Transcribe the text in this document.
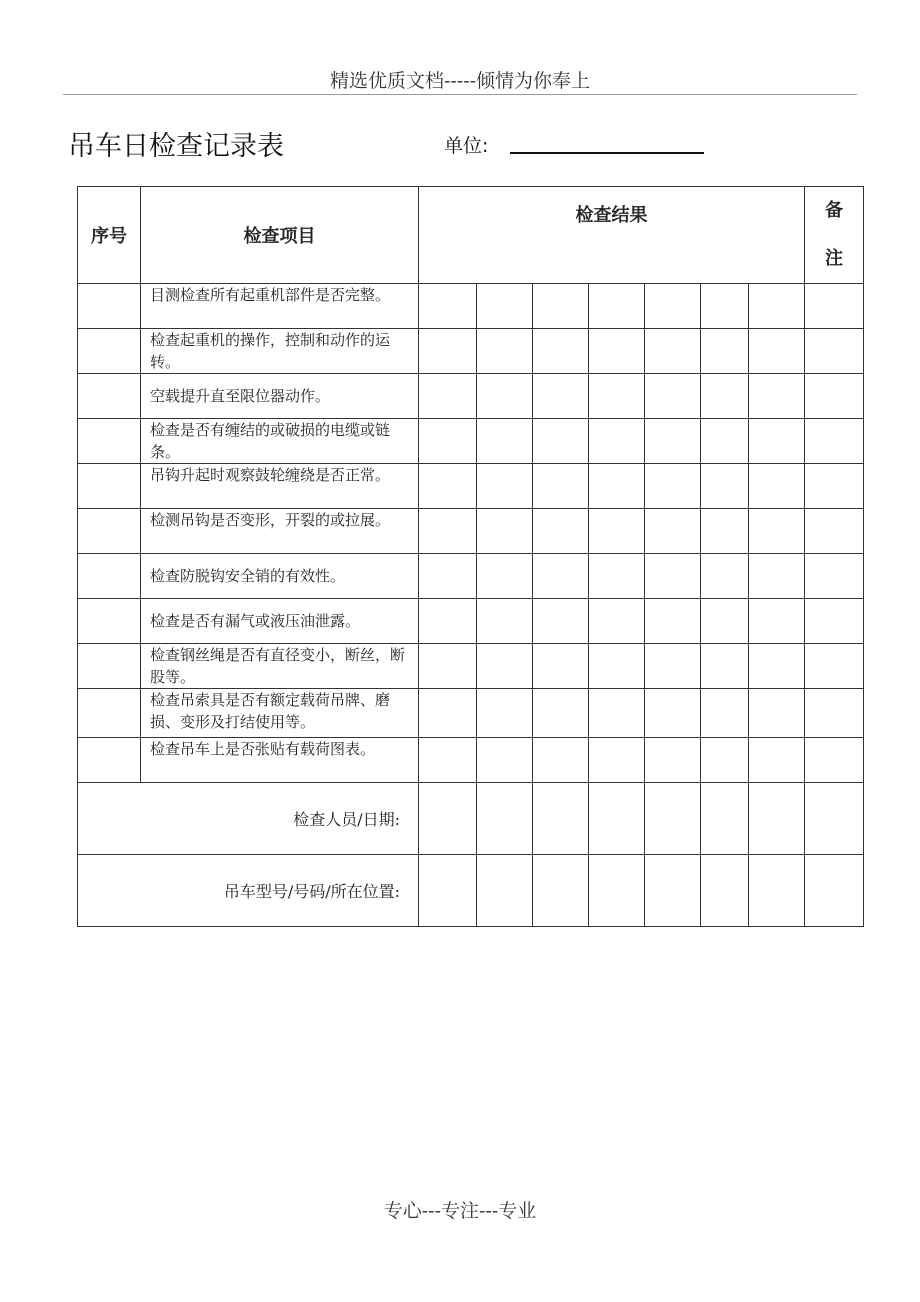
精选优质文档-----倾情为你奉上
吊车日检查记录表	单位:
序号	检查项目	检查结果							备注

	目测检查所有起重机部件是否完整。								

	检查起重机的操作，控制和动作的运转。								

	空载提升直至限位器动作。								

	检查是否有缠结的或破损的电缆或链条。								

	吊钩升起时观察鼓轮缠绕是否正常。								

	检测吊钩是否变形，开裂的或拉展。								

	检查防脱钩安全销的有效性。								

	检查是否有漏气或液压油泄露。								

	检查钢丝绳是否有直径变小，断丝，断股等。								

	检查吊索具是否有额定载荷吊牌、磨损、变形及打结使用等。								

	检查吊车上是否张贴有载荷图表。								

检查人员/日期:									
吊车型号/号码/所在位置:									
专心---专注---专业
